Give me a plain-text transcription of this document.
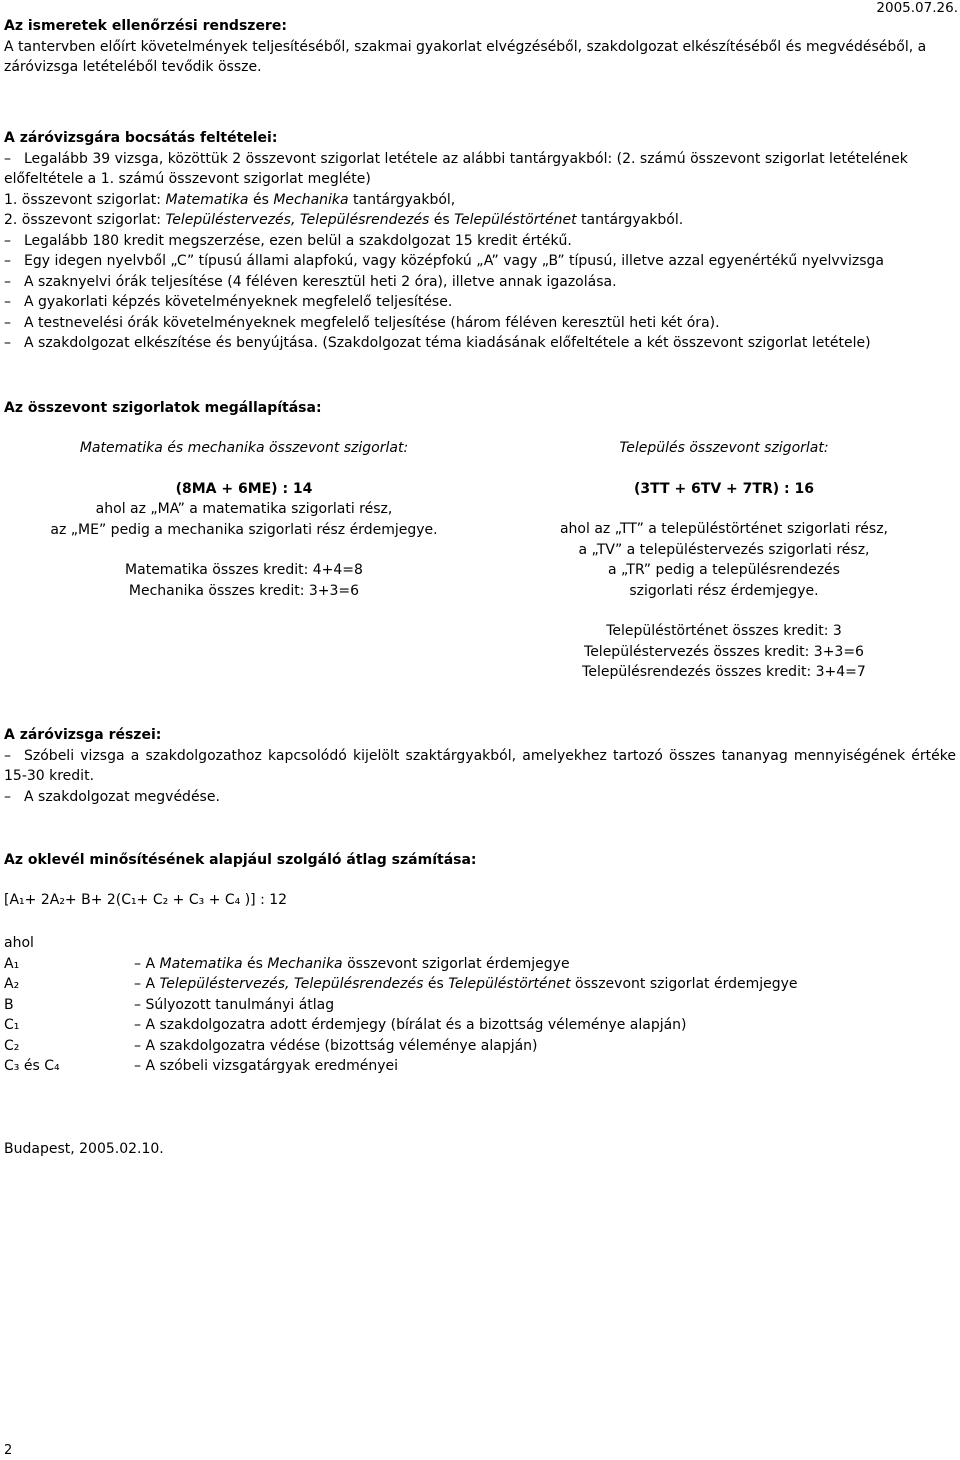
2005.07.26.

Az ismeretek ellenőrzési rendszere:

A tantervben előírt követelmények teljesítéséből, szakmai gyakorlat elvégzéséből, szakdolgozat elkészítéséből és megvédéséből, a záróvizsga letételéből tevődik össze.

A záróvizsgára bocsátás feltételei:

– Legalább 39 vizsga, közöttük 2 összevont szigorlat letétele az alábbi tantárgyakból: (2. számú összevont szigorlat letételének előfeltétele a 1. számú összevont szigorlat megléte)

1. összevont szigorlat: Matematika és Mechanika tantárgyakból,

2. összevont szigorlat: Településtervezés, Településrendezés és Településtörténet tantárgyakból.

– Legalább 180 kredit megszerzése, ezen belül a szakdolgozat 15 kredit értékű.

– Egy idegen nyelvből „C” típusú állami alapfokú, vagy középfokú „A” vagy „B” típusú, illetve azzal egyenértékű nyelvvizsga

– A szaknyelvi órák teljesítése (4 féléven keresztül heti 2 óra), illetve annak igazolása.

– A gyakorlati képzés követelményeknek megfelelő teljesítése.

– A testnevelési órák követelményeknek megfelelő teljesítése (három féléven keresztül heti két óra).

– A szakdolgozat elkészítése és benyújtása. (Szakdolgozat téma kiadásának előfeltétele a két összevont szigorlat letétele)

Az összevont szigorlatok megállapítása:

Matematika és mechanika összevont szigorlat:
(8MA + 6ME) : 14
ahol az „MA” a matematika szigorlati rész,
az „ME” pedig a mechanika szigorlati rész érdemjegye.
Matematika összes kredit: 4+4=8
Mechanika összes kredit: 3+3=6
Település összevont szigorlat:
(3TT + 6TV + 7TR) : 16
ahol az „TT” a településtörténet szigorlati rész,
a „TV” a településtervezés szigorlati rész,
a „TR” pedig a településrendezés
szigorlati rész érdemjegye.
Településtörténet összes kredit: 3
Településtervezés összes kredit: 3+3=6
Településrendezés összes kredit: 3+4=7

A záróvizsga részei:

– Szóbeli vizsga a szakdolgozathoz kapcsolódó kijelölt szaktárgyakból, amelyekhez tartozó összes tananyag mennyiségének értéke 15-30 kredit.

– A szakdolgozat megvédése.

Az oklevél minősítésének alapjául szolgáló átlag számítása:

[A₁+ 2A₂+ B+ 2(C₁+ C₂ + C₃ + C₄ )] : 12

ahol
A₁	– A Matematika és Mechanika összevont szigorlat érdemjegye
A₂	– A Településtervezés, Településrendezés és Településtörténet összevont szigorlat érdemjegye
B	– Súlyozott tanulmányi átlag
C₁	– A szakdolgozatra adott érdemjegy (bírálat és a bizottság véleménye alapján)
C₂	– A szakdolgozatra védése (bizottság véleménye alapján)
C₃ és C₄	– A szóbeli vizsgatárgyak eredményei

Budapest, 2005.02.10.

2
